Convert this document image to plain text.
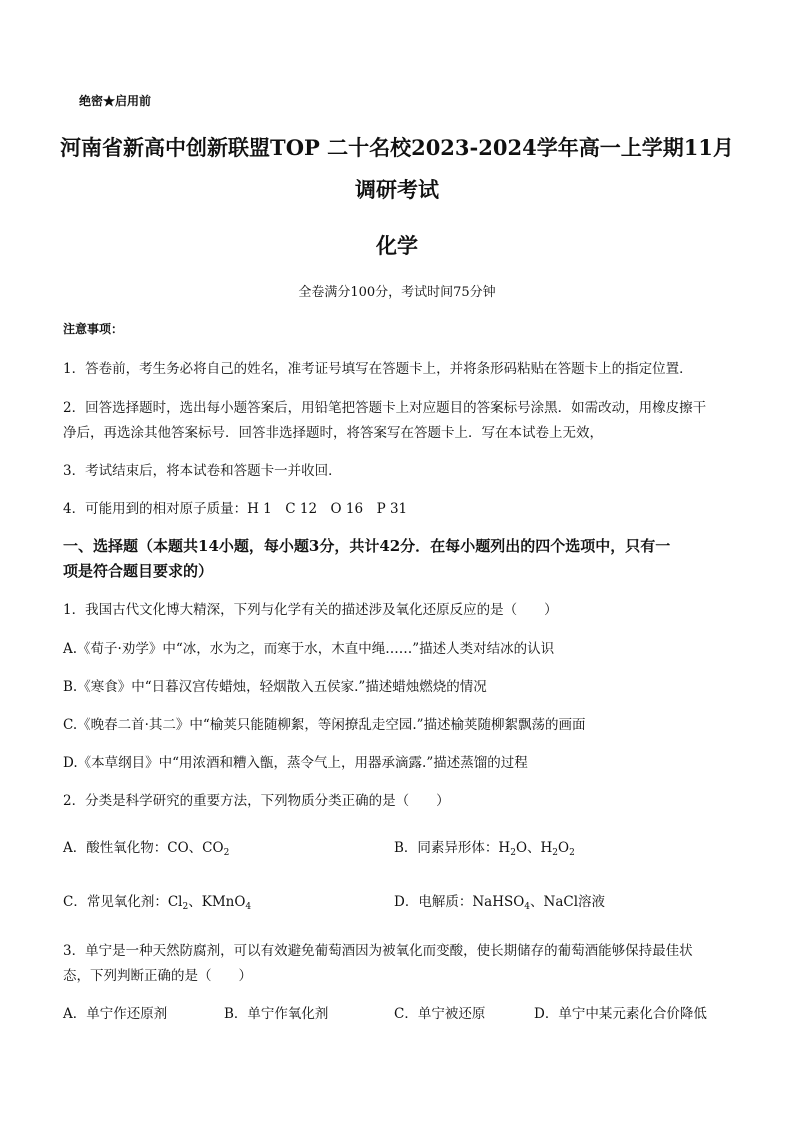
绝密★启用前
河南省新高中创新联盟TOP 二十名校2023-2024学年高一上学期11月
调研考试
化学
全卷满分100分，考试时间75分钟
注意事项：
1．答卷前，考生务必将自己的姓名，准考证号填写在答题卡上，并将条形码粘贴在答题卡上的指定位置．
2．回答选择题时，选出每小题答案后，用铅笔把答题卡上对应题目的答案标号涂黑．如需改动，用橡皮擦干
净后，再选涂其他答案标号．回答非选择题时，将答案写在答题卡上．写在本试卷上无效，
3．考试结束后，将本试卷和答题卡一并收回．
4．可能用到的相对原子质量：H 1　C 12　O 16　P 31
一、选择题（本题共14小题，每小题3分，共计42分．在每小题列出的四个选项中，只有一
项是符合题目要求的）
1．我国古代文化博大精深，下列与化学有关的描述涉及氧化还原反应的是（　　）
A.《荀子·劝学》中“冰，水为之，而寒于水，木直中绳……”描述人类对结冰的认识
B.《寒食》中“日暮汉宫传蜡烛，轻烟散入五侯家.”描述蜡烛燃烧的情况
C.《晚春二首·其二》中“榆荚只能随柳絮，等闲撩乱走空园.”描述榆荚随柳絮飘荡的画面
D.《本草纲目》中“用浓酒和糟入甑，蒸令气上，用器承滴露.”描述蒸馏的过程
2．分类是科学研究的重要方法，下列物质分类正确的是（　　）
A．酸性氧化物：CO、$CO_2$	B．同素异形体：$H_2O$、$H_2O_2$
C．常见氧化剂：$Cl_2$、KMnO$_4$	D．电解质：NaHSO$_4$、NaCl溶液
3．单宁是一种天然防腐剂，可以有效避免葡萄酒因为被氧化而变酸，使长期储存的葡萄酒能够保持最佳状
态，下列判断正确的是（　　）
A．单宁作还原剂	B．单宁作氧化剂	C．单宁被还原	D．单宁中某元素化合价降低
